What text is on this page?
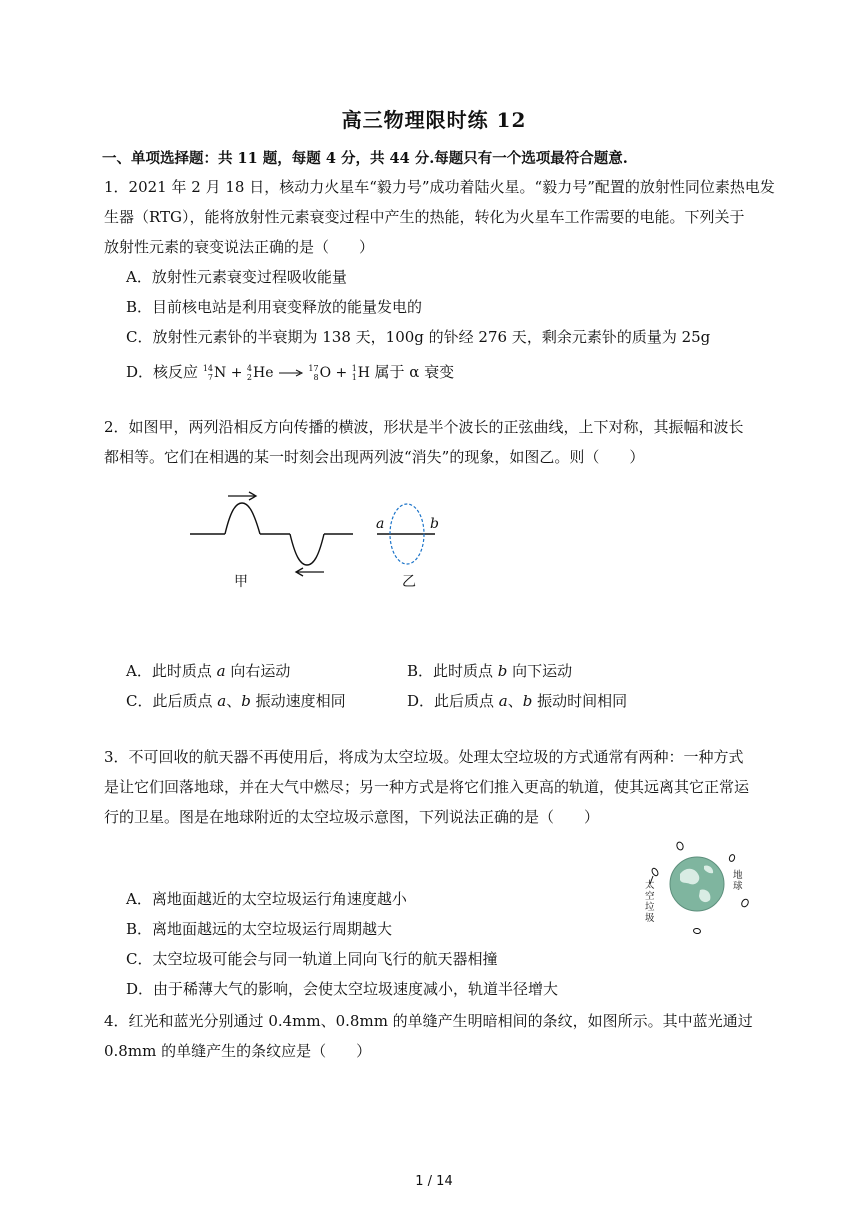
高三物理限时练 12
一、单项选择题：共 11 题，每题 4 分，共 44 分.每题只有一个选项最符合题意.
1．2021 年 2 月 18 日，核动力火星车“毅力号”成功着陆火星。“毅力号”配置的放射性同位素热电发
生器（RTG），能将放射性元素衰变过程中产生的热能，转化为火星车工作需要的电能。下列关于
放射性元素的衰变说法正确的是（　　）
A．放射性元素衰变过程吸收能量
B．目前核电站是利用衰变释放的能量发电的
C．放射性元素钋的半衰期为 138 天，100g 的钋经 276 天，剩余元素钋的质量为 25g
D．核反应 14
7 N + 4
2 He → 17
8 O + 1
1 H 属于 α 衰变
2．如图甲，两列沿相反方向传播的横波，形状是半个波长的正弦曲线，上下对称，其振幅和波长
都相等。它们在相遇的某一时刻会出现两列波“消失”的现象，如图乙。则（　　）
a	b
甲	乙
A．此时质点 a 向右运动	B．此时质点 b 向下运动
C．此后质点 a、b 振动速度相同	D．此后质点 a、b 振动时间相同
3．不可回收的航天器不再使用后，将成为太空垃圾。处理太空垃圾的方式通常有两种：一种方式
是让它们回落地球，并在大气中燃尽；另一种方式是将它们推入更高的轨道，使其远离其它正常运
行的卫星。图是在地球附近的太空垃圾示意图，下列说法正确的是（　　）
太空垃圾
地球
A．离地面越近的太空垃圾运行角速度越小
B．离地面越远的太空垃圾运行周期越大
C．太空垃圾可能会与同一轨道上同向飞行的航天器相撞
D．由于稀薄大气的影响，会使太空垃圾速度减小，轨道半径增大
4．红光和蓝光分别通过 0.4mm、0.8mm 的单缝产生明暗相间的条纹，如图所示。其中蓝光通过
0.8mm 的单缝产生的条纹应是（　　）
1 / 14
